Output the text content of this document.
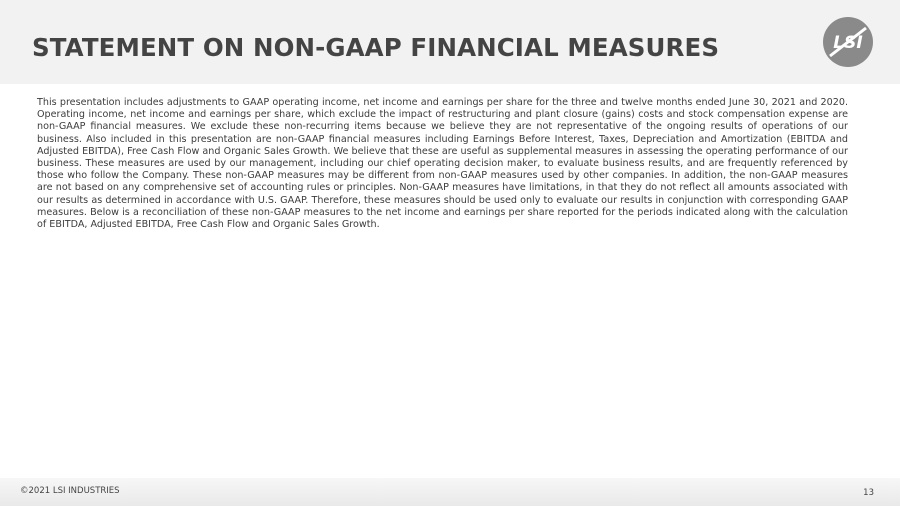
STATEMENT ON NON-GAAP FINANCIAL MEASURES	LSI

This presentation includes adjustments to GAAP operating income, net income and earnings per share for the three and twelve months ended June 30, 2021 and 2020. Operating income, net income and earnings per share, which exclude the impact of restructuring and plant closure (gains) costs and stock compensation expense are non-GAAP financial measures. We exclude these non-recurring items because we believe they are not representative of the ongoing results of operations of our business. Also included in this presentation are non-GAAP financial measures including Earnings Before Interest, Taxes, Depreciation and Amortization (EBITDA and Adjusted EBITDA), Free Cash Flow and Organic Sales Growth. We believe that these are useful as supplemental measures in assessing the operating performance of our business. These measures are used by our management, including our chief operating decision maker, to evaluate business results, and are frequently referenced by those who follow the Company. These non-GAAP measures may be different from non-GAAP measures used by other companies. In addition, the non-GAAP measures are not based on any comprehensive set of accounting rules or principles. Non-GAAP measures have limitations, in that they do not reflect all amounts associated with our results as determined in accordance with U.S. GAAP. Therefore, these measures should be used only to evaluate our results in conjunction with corresponding GAAP measures. Below is a reconciliation of these non-GAAP measures to the net income and earnings per share reported for the periods indicated along with the calculation of EBITDA, Adjusted EBITDA, Free Cash Flow and Organic Sales Growth.

©2021 LSI INDUSTRIES	13
